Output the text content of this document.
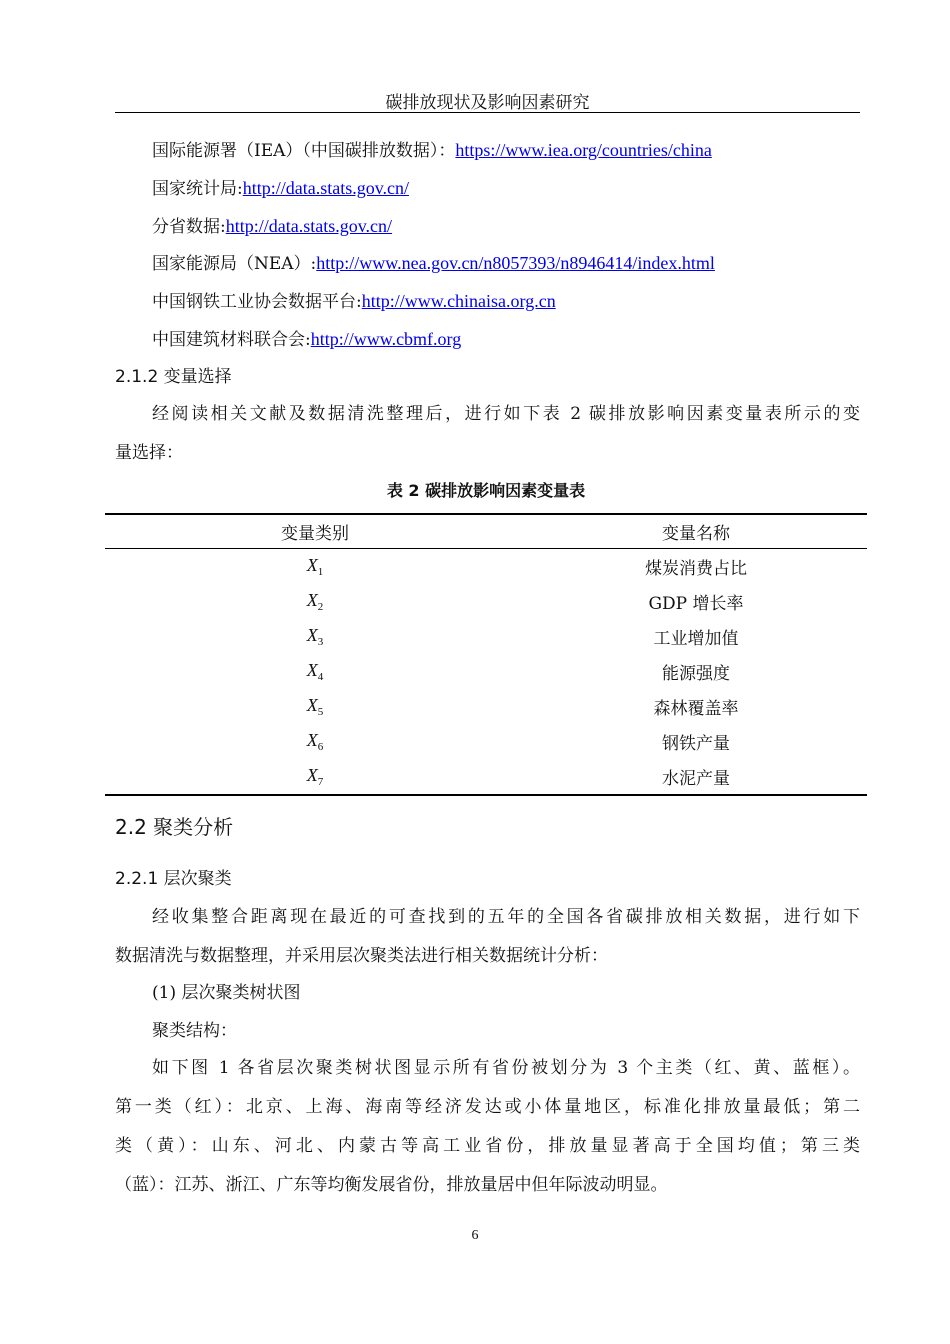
碳排放现状及影响因素研究
国际能源署（IEA）（中国碳排放数据）：https://www.iea.org/countries/china
国家统计局:http://data.stats.gov.cn/
分省数据:http://data.stats.gov.cn/
国家能源局（NEA）:http://www.nea.gov.cn/n8057393/n8946414/index.html
中国钢铁工业协会数据平台:http://www.chinaisa.org.cn
中国建筑材料联合会:http://www.cbmf.org
2.1.2 变量选择
经阅读相关文献及数据清洗整理后，进行如下表 2 碳排放影响因素变量表所示的变
量选择：
表 2 碳排放影响因素变量表
变量类别	变量名称
$X_1$	煤炭消费占比
$X_2$	GDP 增长率
$X_3$	工业增加值
$X_4$	能源强度
$X_5$	森林覆盖率
$X_6$	钢铁产量
$X_7$	水泥产量
2.2 聚类分析
2.2.1 层次聚类
经收集整合距离现在最近的可查找到的五年的全国各省碳排放相关数据，进行如下
数据清洗与数据整理，并采用层次聚类法进行相关数据统计分析：
(1) 层次聚类树状图
聚类结构：
如下图 1 各省层次聚类树状图显示所有省份被划分为 3 个主类（红、黄、蓝框）。
第一类（红）：北京、上海、海南等经济发达或小体量地区，标准化排放量最低；第二
类（黄）：山东、河北、内蒙古等高工业省份，排放量显著高于全国均值；第三类
（蓝）：江苏、浙江、广东等均衡发展省份，排放量居中但年际波动明显。
6
